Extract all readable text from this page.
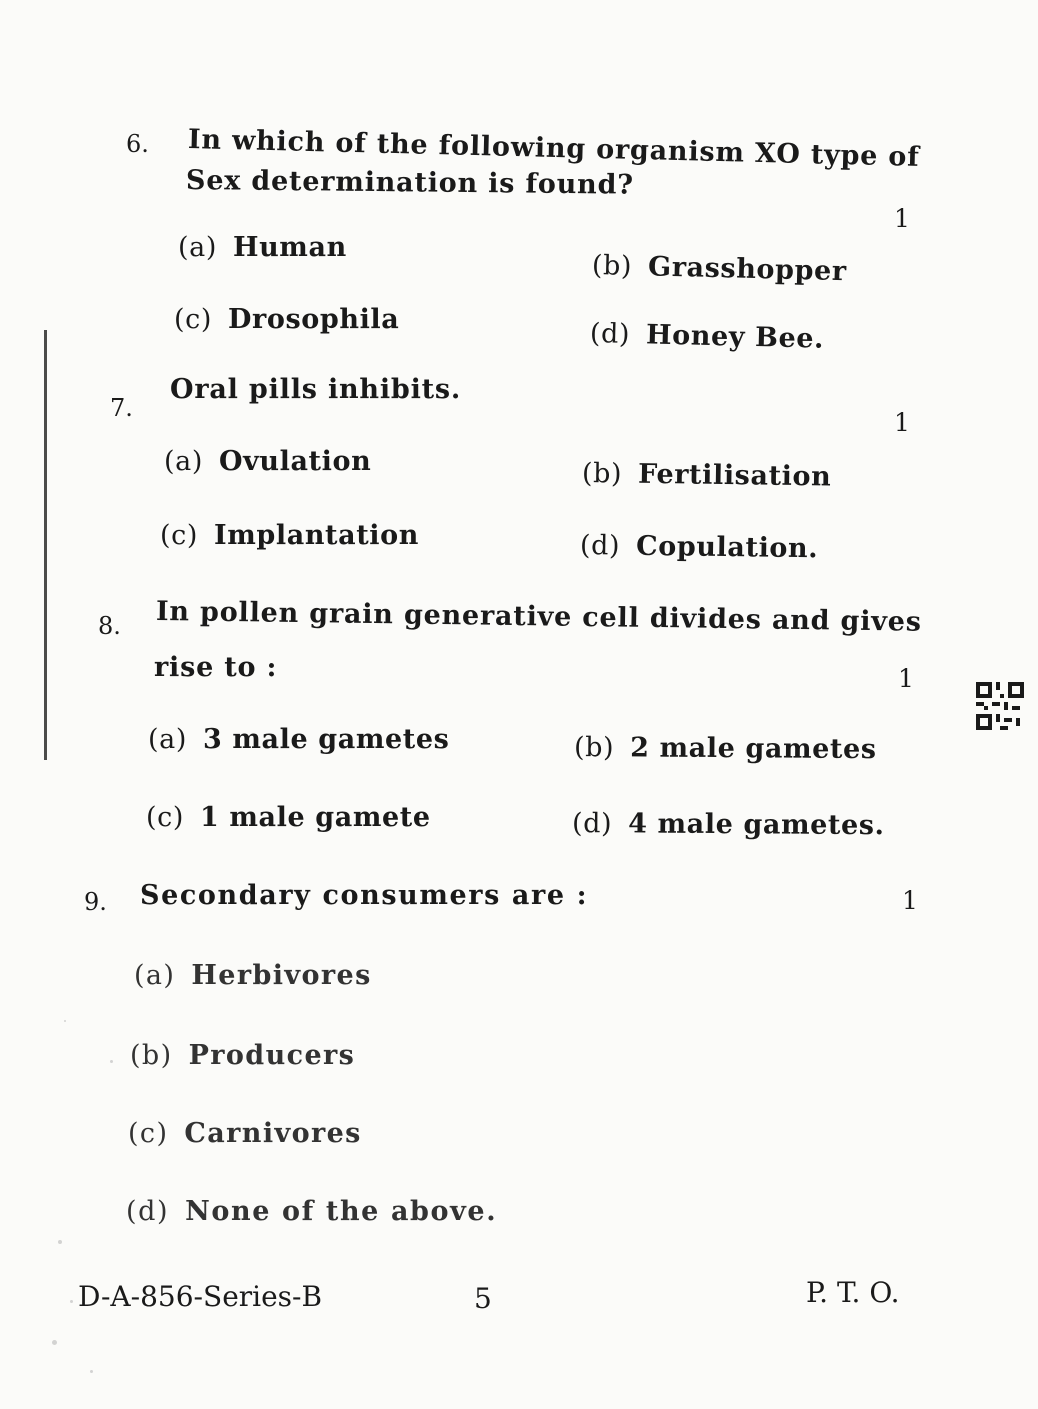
6. In which of the following organism XO type of
Sex determination is found?
1
(a) Human
(b) Grasshopper
(c) Drosophila	(d) Honey Bee.
7.
Oral pills inhibits.
1
(a) Ovulation	(b) Fertilisation
(c) Implantation	(d) Copulation.
8. In pollen grain generative cell divides and gives
rise to :	1
(a) 3 male gametes	(b) 2 male gametes
(c) 1 male gamete	(d) 4 male gametes.
9. Secondary consumers are :	1
(a) Herbivores
(b) Producers
(c) Carnivores
(d) None of the above.
D-A-856-Series-B	5	P. T. O.
